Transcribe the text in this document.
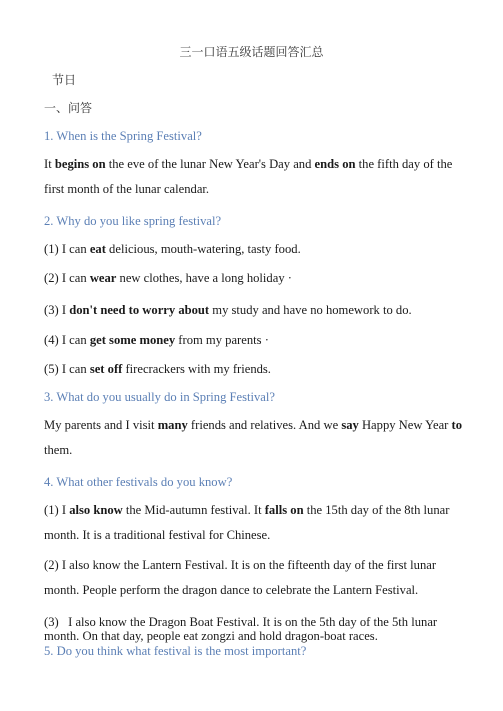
三一口语五级话题回答汇总
节日
一、问答
1. When is the Spring Festival?
It begins on the eve of the lunar New Year's Day and ends on the fifth day of the first month of the lunar calendar.
2. Why do you like spring festival?
(1) I can eat delicious, mouth-watering, tasty food.
(2) I can wear new clothes, have a long holiday ·
(3) I don't need to worry about my study and have no homework to do.
(4) I can get some money from my parents ·
(5) I can set off firecrackers with my friends.
3. What do you usually do in Spring Festival?
My parents and I visit many friends and relatives. And we say Happy New Year to them.
4. What other festivals do you know?
(1) I also know the Mid-autumn festival. It falls on the 15th day of the 8th lunar month. It is a traditional festival for Chinese.
(2) I also know the Lantern Festival. It is on the fifteenth day of the first lunar month. People perform the dragon dance to celebrate the Lantern Festival.
(3)   I also know the Dragon Boat Festival. It is on the 5th day of the 5th lunar month. On that day, people eat zongzi and hold dragon-boat races.
5. Do you think what festival is the most important?
